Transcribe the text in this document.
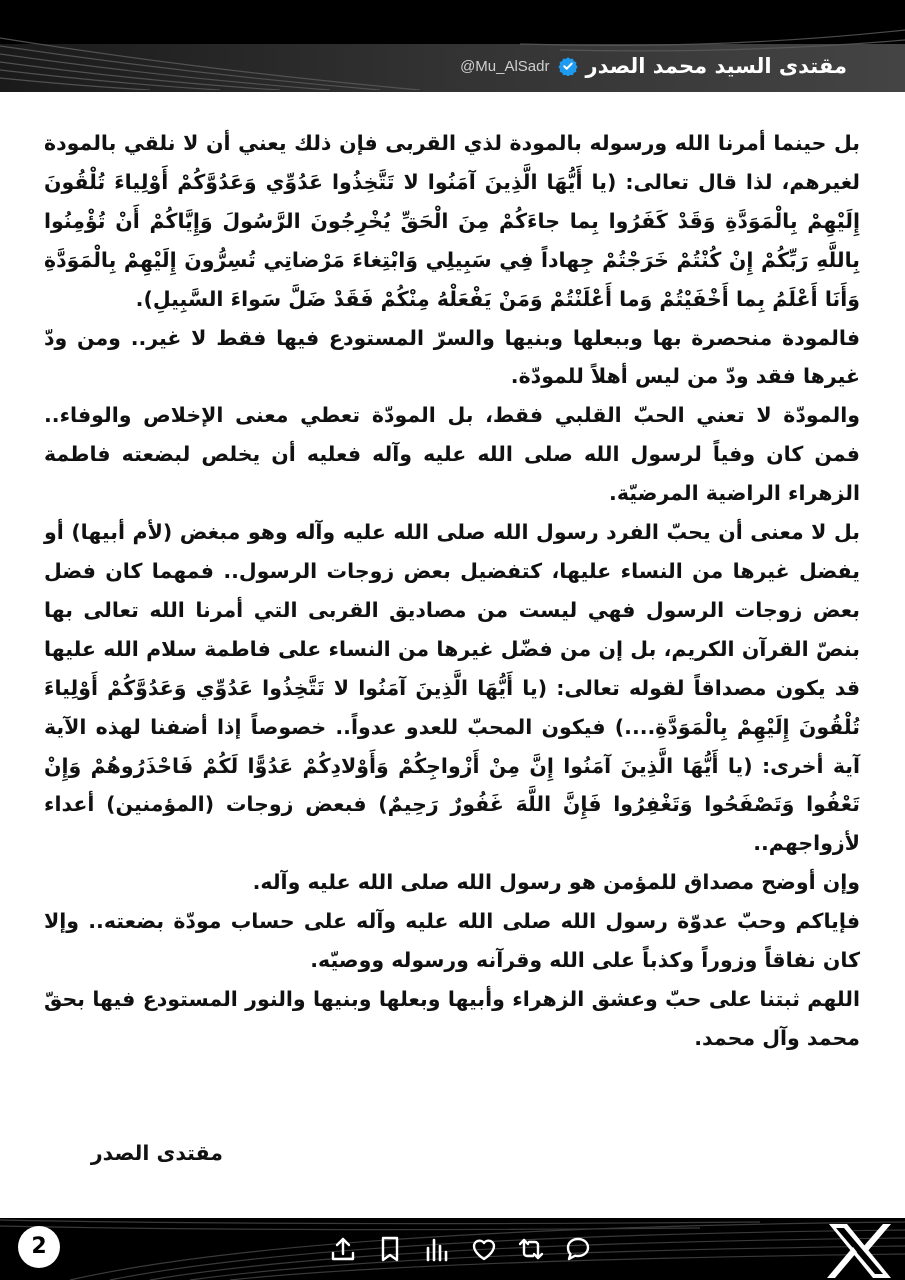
مقتدى السيد محمد الصدر
@Mu_AlSadr

بل حينما أمرنا الله ورسوله بالمودة لذي القربى فإن ذلك يعني أن لا نلقي بالمودة لغيرهم، لذا قال تعالى: (يا أَيُّهَا الَّذِينَ آمَنُوا لا تَتَّخِذُوا عَدُوِّي وَعَدُوَّكُمْ أَوْلِياءَ تُلْقُونَ إِلَيْهِمْ بِالْمَوَدَّةِ وَقَدْ كَفَرُوا بِما جاءَكُمْ مِنَ الْحَقِّ يُخْرِجُونَ الرَّسُولَ وَإِيَّاكُمْ أَنْ تُؤْمِنُوا بِاللَّهِ رَبِّكُمْ إِنْ كُنْتُمْ خَرَجْتُمْ جِهاداً فِي سَبِيلِي وَابْتِغاءَ مَرْضاتِي تُسِرُّونَ إِلَيْهِمْ بِالْمَوَدَّةِ وَأَنَا أَعْلَمُ بِما أَخْفَيْتُمْ وَما أَعْلَنْتُمْ وَمَنْ يَفْعَلْهُ مِنْكُمْ فَقَدْ ضَلَّ سَواءَ السَّبِيلِ).

فالمودة منحصرة بها وببعلها وبنيها والسرّ المستودع فيها فقط لا غير.. ومن ودّ غيرها فقد ودّ من ليس أهلاً للمودّة.

والمودّة لا تعني الحبّ القلبي فقط، بل المودّة تعطي معنى الإخلاص والوفاء.. فمن كان وفياً لرسول الله صلى الله عليه وآله فعليه أن يخلص لبضعته فاطمة الزهراء الراضية المرضيّة.

بل لا معنى أن يحبّ الفرد رسول الله صلى الله عليه وآله وهو مبغض (لأم أبيها) أو يفضل غيرها من النساء عليها، كتفضيل بعض زوجات الرسول.. فمهما كان فضل بعض زوجات الرسول فهي ليست من مصاديق القربى التي أمرنا الله تعالى بها بنصّ القرآن الكريم، بل إن من فضّل غيرها من النساء على فاطمة سلام الله عليها قد يكون مصداقاً لقوله تعالى: (يا أَيُّهَا الَّذِينَ آمَنُوا لا تَتَّخِذُوا عَدُوِّي وَعَدُوَّكُمْ أَوْلِياءَ تُلْقُونَ إِلَيْهِمْ بِالْمَوَدَّةِ....) فيكون المحبّ للعدو عدواً.. خصوصاً إذا أضفنا لهذه الآية آية أخرى: (يا أَيُّهَا الَّذِينَ آمَنُوا إِنَّ مِنْ أَزْواجِكُمْ وَأَوْلادِكُمْ عَدُوًّا لَكُمْ فَاحْذَرُوهُمْ وَإِنْ تَعْفُوا وَتَصْفَحُوا وَتَغْفِرُوا فَإِنَّ اللَّهَ غَفُورٌ رَحِيمٌ) فبعض زوجات (المؤمنين) أعداء لأزواجهم..

وإن أوضح مصداق للمؤمن هو رسول الله صلى الله عليه وآله.

فإياكم وحبّ عدوّة رسول الله صلى الله عليه وآله على حساب مودّة بضعته.. وإلا كان نفاقاً وزوراً وكذباً على الله وقرآنه ورسوله ووصيّه.

اللهم ثبتنا على حبّ وعشق الزهراء وأبيها وبعلها وبنيها والنور المستودع فيها بحقّ محمد وآل محمد.

مقتدى الصدر
2
